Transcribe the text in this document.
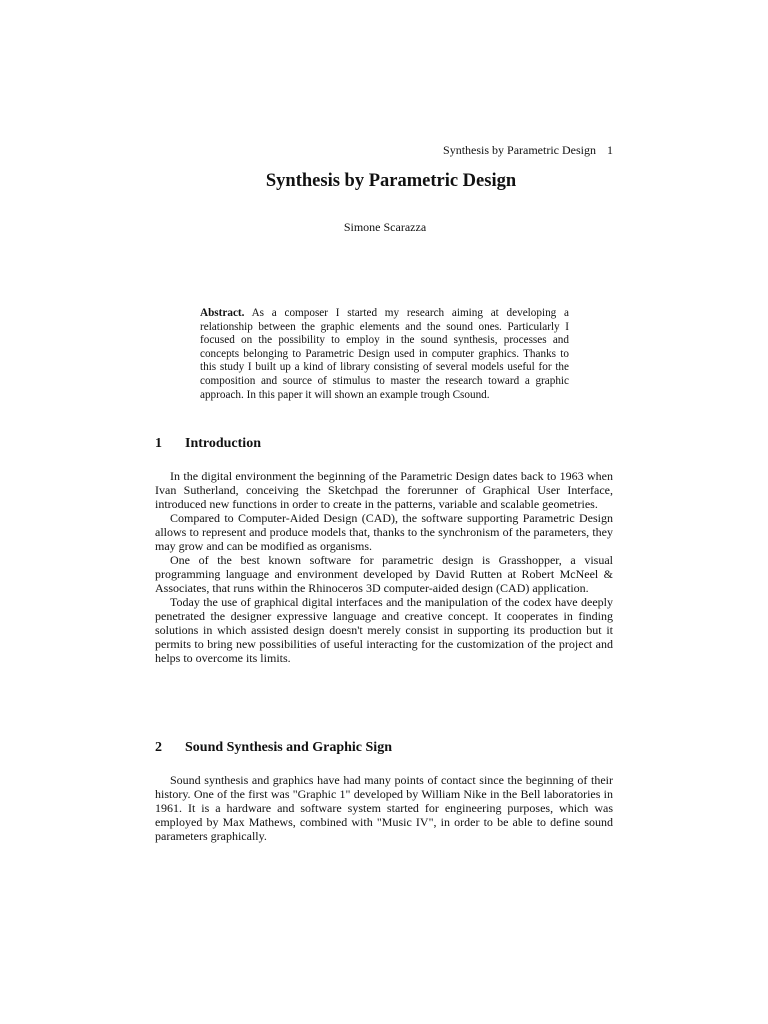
Synthesis by Parametric Design 1
Synthesis by Parametric Design
Simone Scarazza

Abstract. As a composer I started my research aiming at developing a relationship between the graphic elements and the sound ones. Particularly I focused on the possibility to employ in the sound synthesis, processes and concepts belonging to Parametric Design used in computer graphics. Thanks to this study I built up a kind of library consisting of several models useful for the composition and source of stimulus to master the research toward a graphic approach. In this paper it will shown an example trough Csound.

1 Introduction

In the digital environment the beginning of the Parametric Design dates back to 1963 when Ivan Sutherland, conceiving the Sketchpad the forerunner of Graphical User Interface, introduced new functions in order to create in the patterns, variable and scalable geometries.

Compared to Computer-Aided Design (CAD), the software supporting Parametric Design allows to represent and produce models that, thanks to the synchronism of the parameters, they may grow and can be modified as organisms.

One of the best known software for parametric design is Grasshopper, a visual programming language and environment developed by David Rutten at Robert McNeel & Associates, that runs within the Rhinoceros 3D computer-aided design (CAD) application.

Today the use of graphical digital interfaces and the manipulation of the codex have deeply penetrated the designer expressive language and creative concept. It cooperates in finding solutions in which assisted design doesn't merely consist in supporting its production but it permits to bring new possibilities of useful interacting for the customization of the project and helps to overcome its limits.

2 Sound Synthesis and Graphic Sign

Sound synthesis and graphics have had many points of contact since the beginning of their history. One of the first was "Graphic 1" developed by William Nike in the Bell laboratories in 1961. It is a hardware and software system started for engineering purposes, which was employed by Max Mathews, combined with "Music IV", in order to be able to define sound parameters graphically.
